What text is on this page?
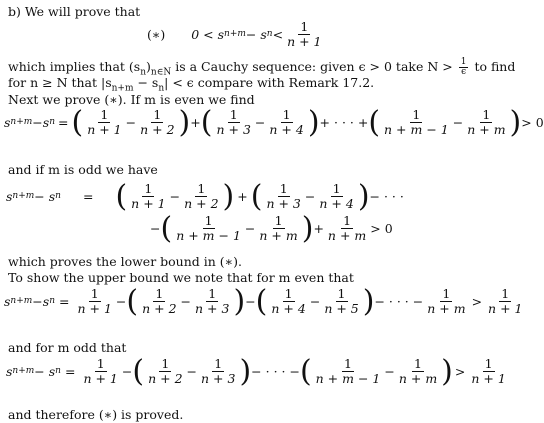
b) We will prove that
(∗) 0 < s n+m − s $n < \frac{1}{n + 1}$
which implies that $(s_n)_{n\in N}$ is a Cauchy sequence: given ϵ > 0 take $N > \frac{1}{\epsilon}$ to find
for n ≥ N that $|s_{n+m} - s_n| < \epsilon$ compare with Remark 17.2.
Next we prove (∗). If m is even we find
s n+m −s n = ( $\frac{1}{n + 1} - \frac{1}{n + 2}$ ) + ( $\frac{1}{n + 3} - \frac{1}{n + 4}$ ) + · · · + ( $\frac{1}{n + m - 1} - \frac{1}{n + m}$ ) > 0
and if m is odd we have
s n+m − s n = ( $\frac{1}{n + 1} - \frac{1}{n + 2}$ ) + ( $\frac{1}{n + 3} - \frac{1}{n + 4}$ ) − · · ·
− ( $\frac{1}{n + m - 1} - \frac{1}{n + m}$ ) + $\frac{1}{n + m} > 0$
which proves the lower bound in (∗).
To show the upper bound we note that for m even that
s n+m −s $n = \frac{1}{n + 1}$ − ( $\frac{1}{n + 2} - \frac{1}{n + 3}$ ) − ( $\frac{1}{n + 4} - \frac{1}{n + 5}$ ) − · · · − $\frac{1}{n + m} > \frac{1}{n + 1}$
and for m odd that
s n+m − s $n = \frac{1}{n + 1}$ − ( $\frac{1}{n + 2} - \frac{1}{n + 3}$ ) − · · · − ( $\frac{1}{n + m - 1} - \frac{1}{n + m}$ ) > $\frac{1}{n + 1}$
and therefore (∗) is proved.
